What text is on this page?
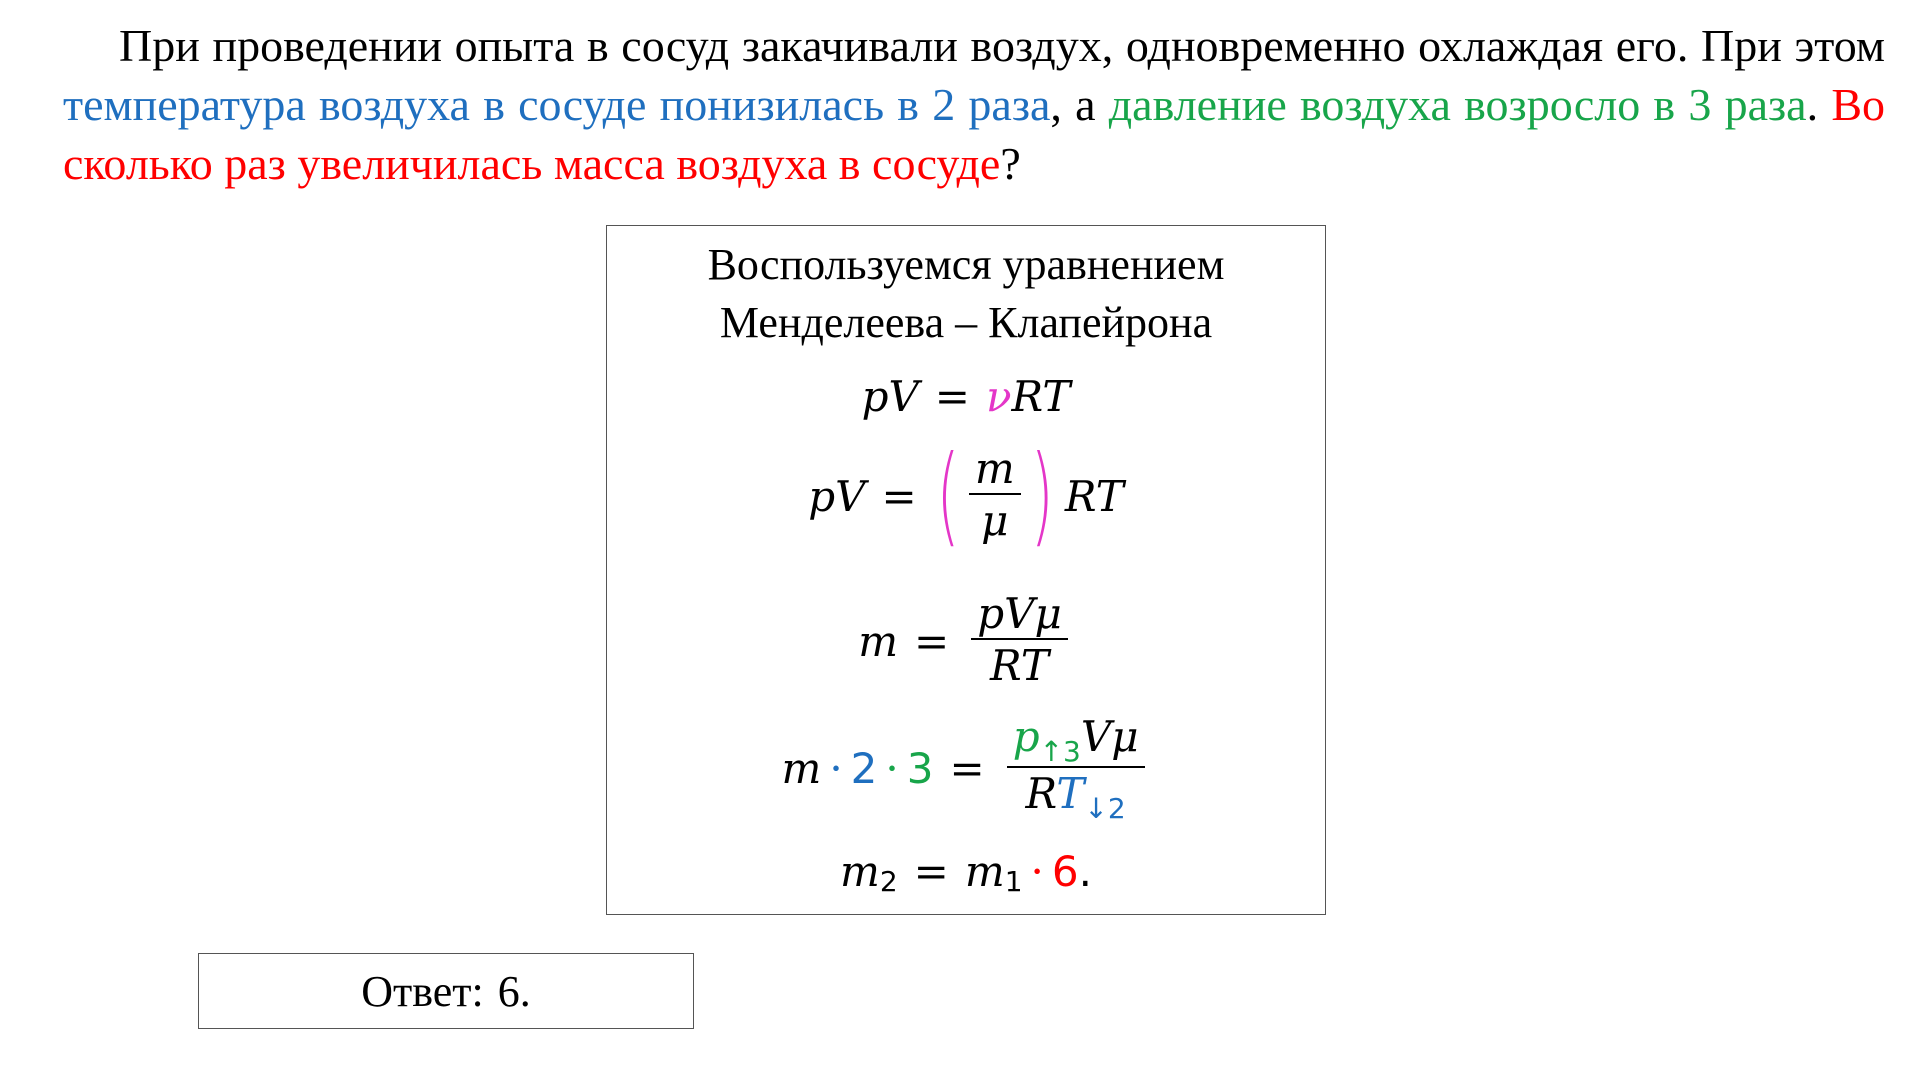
При проведении опыта в сосуд закачивали воздух, одновременно охлаждая его. При этом температура воздуха в сосуде понизилась в 2 раза, а давление воздуха возросло в 3 раза. Во сколько раз увеличилась масса воздуха в сосуде?

Воспользуемся уравнением
Менделеева – Клапейрона
pV = ν RT
pV = ( $\frac{m}{\mu}$ ) RT
$m = \frac{\text{pVμ}}{RT}$
$m \cdot 2 \cdot 3 = \frac{p_{↑3}V\mu}{RT_{↓2}}$
m 2 = m 1 · 6 .
Ответ: 6.
